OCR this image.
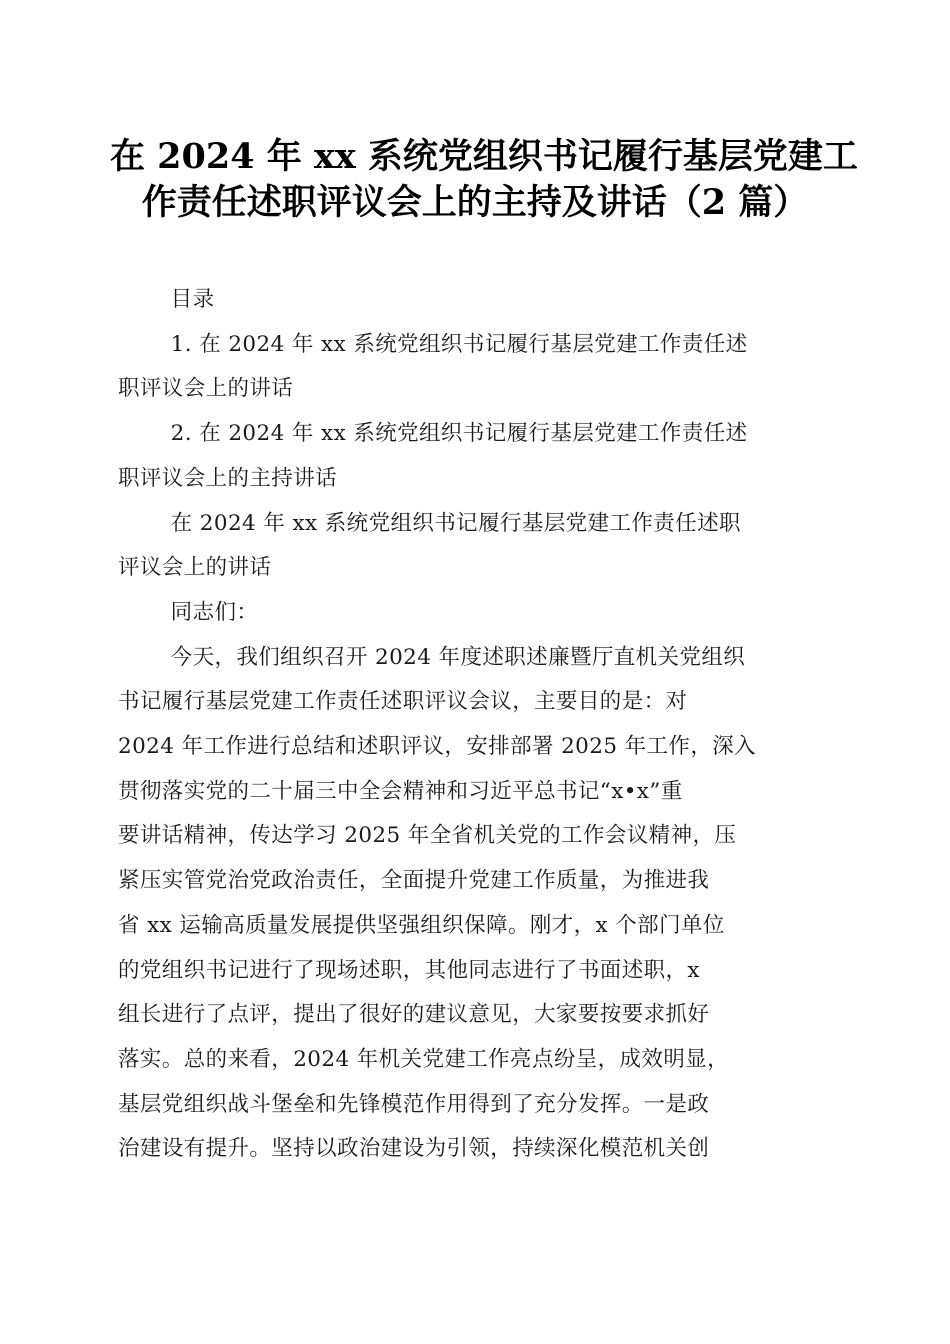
在 2024 年 xx 系统党组织书记履行基层党建工
作责任述职评议会上的主持及讲话（2 篇）
目录
1. 在 2024 年 xx 系统党组织书记履行基层党建工作责任述
职评议会上的讲话
2. 在 2024 年 xx 系统党组织书记履行基层党建工作责任述
职评议会上的主持讲话
在 2024 年 xx 系统党组织书记履行基层党建工作责任述职
评议会上的讲话
同志们：
今天，我们组织召开 2024 年度述职述廉暨厅直机关党组织
书记履行基层党建工作责任述职评议会议，主要目的是：对
2024 年工作进行总结和述职评议，安排部署 2025 年工作，深入
贯彻落实党的二十届三中全会精神和习近平总书记“x•x”重
要讲话精神，传达学习 2025 年全省机关党的工作会议精神，压
紧压实管党治党政治责任，全面提升党建工作质量，为推进我
省 xx 运输高质量发展提供坚强组织保障。刚才，x 个部门单位
的党组织书记进行了现场述职，其他同志进行了书面述职，x
组长进行了点评，提出了很好的建议意见，大家要按要求抓好
落实。总的来看，2024 年机关党建工作亮点纷呈，成效明显，
基层党组织战斗堡垒和先锋模范作用得到了充分发挥。一是政
治建设有提升。坚持以政治建设为引领，持续深化模范机关创
